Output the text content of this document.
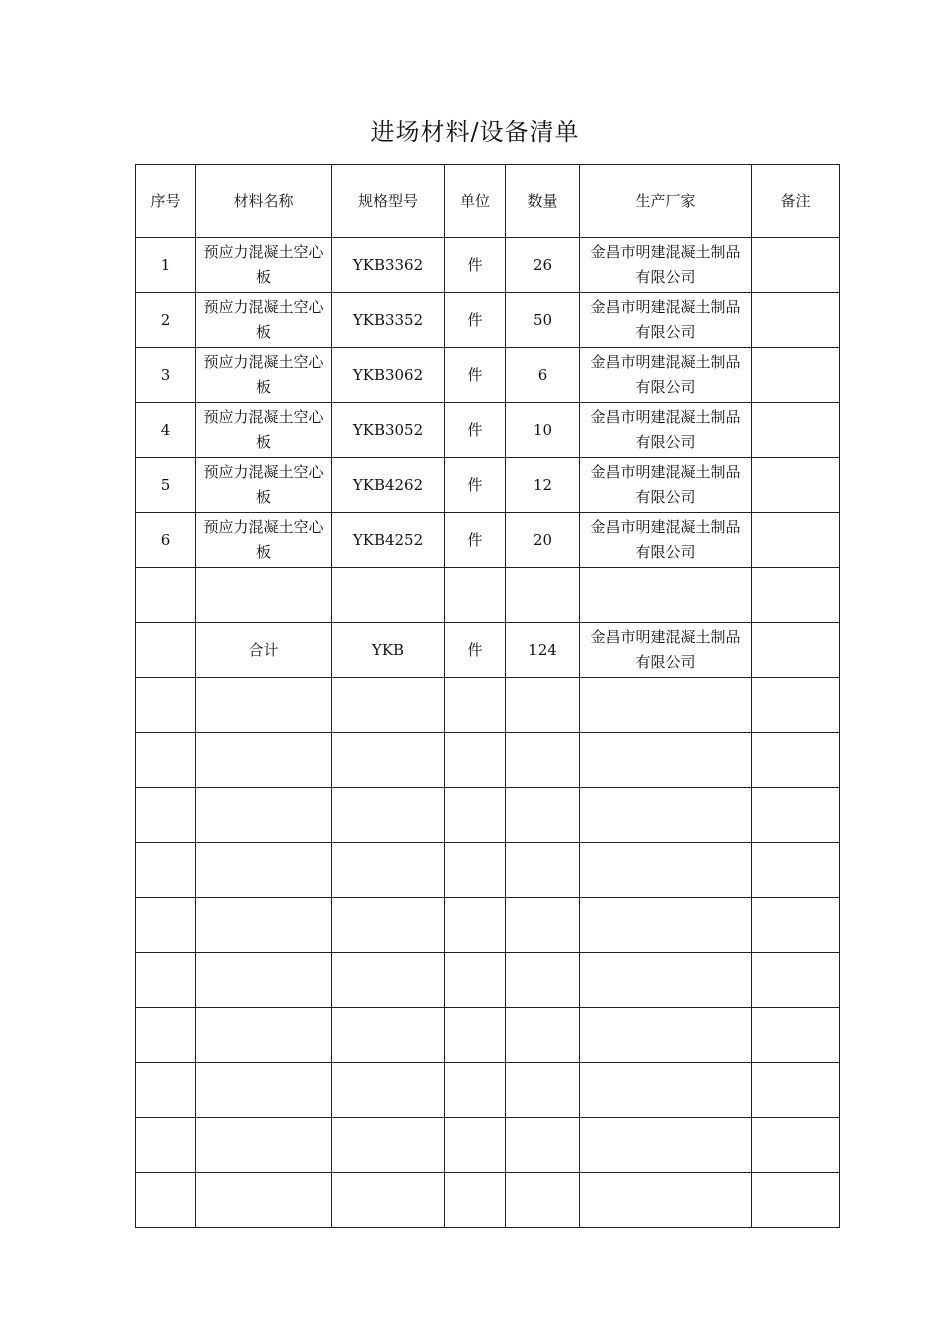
进场材料/设备清单
序号	材料名称	规格型号	单位	数量	生产厂家	备注
1	预应力混凝土空心板	YKB3362	件	26	金昌市明建混凝土制品有限公司	
2	预应力混凝土空心板	YKB3352	件	50	金昌市明建混凝土制品有限公司	
3	预应力混凝土空心板	YKB3062	件	6	金昌市明建混凝土制品有限公司	
4	预应力混凝土空心板	YKB3052	件	10	金昌市明建混凝土制品有限公司	
5	预应力混凝土空心板	YKB4262	件	12	金昌市明建混凝土制品有限公司	
6	预应力混凝土空心板	YKB4252	件	20	金昌市明建混凝土制品有限公司	

	合计	YKB	件	124	金昌市明建混凝土制品有限公司	
